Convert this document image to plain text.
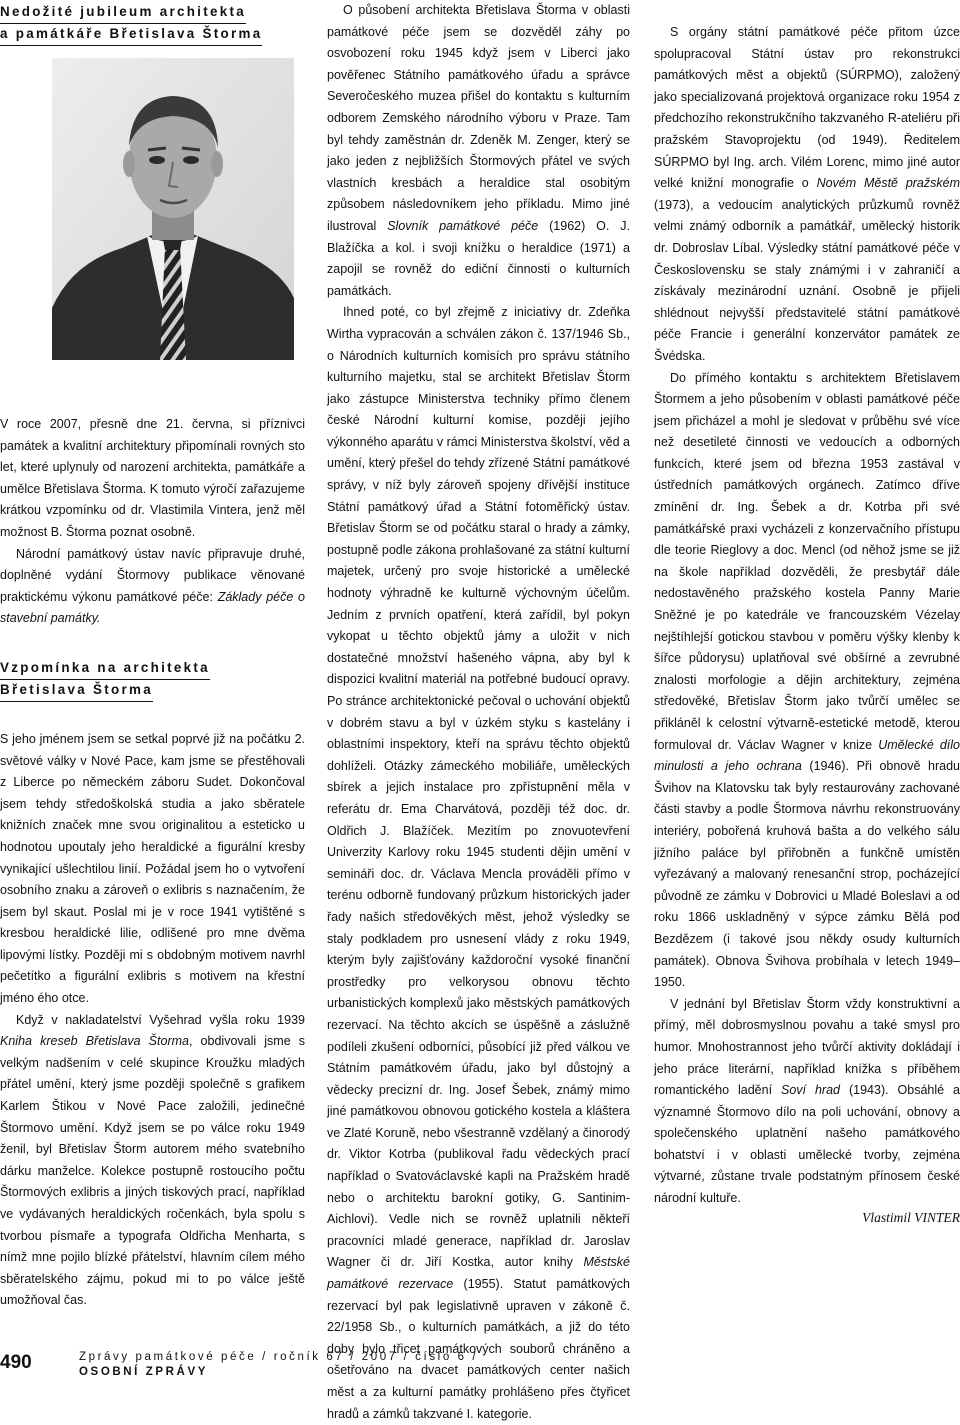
Nedožité jubileum architekta
a památkáře Břetislava Štorma

V roce 2007, přesně dne 21. června, si příznivci památek a kvalitní architektury připomínali rovných sto let, které uplynuly od narození architekta, památkáře a umělce Břetislava Štorma. K tomuto výročí zařazujeme krátkou vzpomínku od dr. Vlastimila Vintera, jenž měl možnost B. Štorma poznat osobně.

Národní památkový ústav navíc připravuje druhé, doplněné vydání Štormovy publikace věnované praktickému výkonu památkové péče: Základy péče o stavební památky.

Vzpomínka na architekta
Břetislava Štorma

S jeho jménem jsem se setkal poprvé již na počátku 2. světové války v Nové Pace, kam jsme se přestěhovali z Liberce po německém záboru Sudet. Dokončoval jsem tehdy středoškolská studia a jako sběratele knižních značek mne svou originalitou a esteticko u hodnotou upoutaly jeho heraldické a figurální kresby vynikající ušlechtilou linií. Požádal jsem ho o vytvoření osobního znaku a zároveň o exlibris s naznačením, že jsem byl skaut. Poslal mi je v roce 1941 vytištěné s kresbou heraldické lilie, odlišené pro mne dvěma lipovými lístky. Později mi s obdobným motivem navrhl pečetítko a figurální exlibris s motivem na křestní jméno ého otce.

Když v nakladatelství Vyšehrad vyšla roku 1939 Kniha kreseb Břetislava Štorma, obdivovali jsme s velkým nadšením v celé skupince Kroužku mladých přátel umění, který jsme později společně s grafikem Karlem Štikou v Nové Pace založili, jedinečné Štormovo umění. Když jsem se po válce roku 1949 ženil, byl Břetislav Štorm autorem mého svatebního dárku manželce. Kolekce postupně rostoucího počtu Štormových exlibris a jiných tiskových prací, například ve vydávaných heraldických ročenkách, byla spolu s tvorbou písmaře a typografa Oldřicha Menharta, s nímž mne pojilo blízké přátelství, hlavním cílem mého sběratelského zájmu, pokud mi to po válce ještě umožňoval čas.

O působení architekta Břetislava Štorma v oblasti památkové péče jsem se dozvěděl záhy po osvobození roku 1945 když jsem v Liberci jako pověřenec Státního památkového úřadu a správce Severočeského muzea přišel do kontaktu s kulturním odborem Zemského národního výboru v Praze. Tam byl tehdy zaměstnán dr. Zdeněk M. Zenger, který se jako jeden z nejbližších Štormových přátel ve svých vlastních kresbách a heraldice stal osobitým způsobem následovníkem jeho příkladu. Mimo jiné ilustroval Slovník památkové péče (1962) O. J. Blažíčka a kol. i svoji knížku o heraldice (1971) a zapojil se rovněž do ediční činnosti o kulturních památkách.

Ihned poté, co byl zřejmě z iniciativy dr. Zdeňka Wirtha vypracován a schválen zákon č. 137/1946 Sb., o Národních kulturních komisích pro správu státního kulturního majetku, stal se architekt Břetislav Štorm jako zástupce Ministerstva techniky přímo členem české Národní kulturní komise, později jejího výkonného aparátu v rámci Ministerstva školství, věd a umění, který přešel do tehdy zřízené Státní památkové správy, v níž byly zároveň spojeny dřívější instituce Státní památkový úřad a Státní fotoměřický ústav. Břetislav Štorm se od počátku staral o hrady a zámky, postupně podle zákona prohlašované za státní kulturní majetek, určený pro svoje historické a umělecké hodnoty výhradně ke kulturně výchovným účelům. Jedním z prvních opatření, která zařídil, byl pokyn vykopat u těchto objektů jámy a uložit v nich dostatečné množství hašeného vápna, aby byl k dispozici kvalitní materiál na potřebné budoucí opravy. Po stránce architektonické pečoval o uchování objektů v dobrém stavu a byl v úzkém styku s kastelány i oblastními inspektory, kteří na správu těchto objektů dohlíželi. Otázky zámeckého mobiliáře, uměleckých sbírek a jejich instalace pro zpřístupnění měla v referátu dr. Ema Charvátová, později též doc. dr. Oldřich J. Blažíček. Mezitím po znovuotevření Univerzity Karlovy roku 1945 studenti dějin umění v semináři doc. dr. Václava Mencla prováděli přímo v terénu odborně fundovaný průzkum historických jader řady našich středověkých měst, jehož výsledky se staly podkladem pro usnesení vlády z roku 1949, kterým byly zajišťovány každoroční vysoké finanční prostředky pro velkorysou obnovu těchto urbanistických komplexů jako městských památkových rezervací. Na těchto akcích se úspěšně a záslužně podíleli zkušení odborníci, působící již před válkou ve Státním památkovém úřadu, jako byl důstojný a vědecky precizní dr. Ing. Josef Šebek, známý mimo jiné památkovou obnovou gotického kostela a kláštera ve Zlaté Koruně, nebo všestranně vzdělaný a činorodý dr. Viktor Kotrba (publikoval řadu vědeckých prací například o Svatováclavské kapli na Pražském hradě nebo o architektu barokní gotiky, G. Santinim-Aichlovi). Vedle nich se rovněž uplatnili někteří pracovníci mladé generace, například dr. Jaroslav Wagner či dr. Jiří Kostka, autor knihy Městské památkové rezervace (1955). Statut památkových rezervací byl pak legislativně upraven v zákoně č. 22/1958 Sb., o kulturních památkách, a již do této doby bylo třicet památkových souborů chráněno a ošetřováno na dvacet památkových center našich měst a za kulturní památky prohlášeno přes čtyřicet hradů a zámků takzvané I. kategorie.

S orgány státní památkové péče přitom úzce spolupracoval Státní ústav pro rekonstrukci památkových měst a objektů (SÚRPMO), založený jako specializovaná projektová organizace roku 1954 z předchozího rekonstrukčního takzvaného R-ateliéru při pražském Stavoprojektu (od 1949). Ředitelem SÚRPMO byl Ing. arch. Vilém Lorenc, mimo jiné autor velké knižní monografie o Novém Městě pražském (1973), a vedoucím analytických průzkumů rovněž velmi známý odborník a památkář, umělecký historik dr. Dobroslav Líbal. Výsledky státní památkové péče v Československu se staly známými i v zahraničí a získávaly mezinárodní uznání. Osobně je přijeli shlédnout nejvyšší představitelé státní památkové péče Francie i generální konzervátor památek ze Švédska.

Do přímého kontaktu s architektem Břetislavem Štormem a jeho působením v oblasti památkové péče jsem přicházel a mohl je sledovat v průběhu své více než desetileté činnosti ve vedoucích a odborných funkcích, které jsem od března 1953 zastával v ústředních památkových orgánech. Zatímco dříve zmínění dr. Ing. Šebek a dr. Kotrba při své památkářské praxi vycházeli z konzervačního přístupu dle teorie Rieglovy a doc. Mencl (od něhož jsme se již na škole například dozvěděli, že presbytář dále nedostavěného pražského kostela Panny Marie Sněžné je po katedrále ve francouzském Vézelay nejštíhlejší gotickou stavbou v poměru výšky klenby k šířce půdorysu) uplatňoval své obšírné a zevrubné znalosti morfologie a dějin architektury, zejména středověké, Břetislav Štorm jako tvůrčí umělec se přikláněl k celostní výtvarně-estetické metodě, kterou formuloval dr. Václav Wagner v knize Umělecké dílo minulosti a jeho ochrana (1946). Při obnově hradu Švihov na Klatovsku tak byly restaurovány zachované části stavby a podle Štormova návrhu rekonstruovány interiéry, pobořená kruhová bašta a do velkého sálu jižního paláce byl přiřobněn a funkčně umístěn vyřezávaný a malovaný renesanční strop, pocházející původně ze zámku v Dobrovici u Mladé Boleslavi a od roku 1866 uskladněný v sýpce zámku Bělá pod Bezdězem (i takové jsou někdy osudy kulturních památek). Obnova Švihova probíhala v letech 1949–1950.

V jednání byl Břetislav Štorm vždy konstruktivní a přímý, měl dobrosmyslnou povahu a také smysl pro humor. Mnohostrannost jeho tvůrčí aktivity dokládají i jeho práce literární, například knížka s příběhem romantického ladění Soví hrad (1943). Obsáhlé a významné Štormovo dílo na poli uchování, obnovy a společenského uplatnění našeho památkového bohatství i v oblasti umělecké tvorby, zejména výtvarné, zůstane trvale podstatným přínosem české národní kultuře.

Vlastimil VINTER

490	Zprávy památkové péče / ročník 67 / 2007 / číslo 6 /
OSOBNÍ ZPRÁVY
